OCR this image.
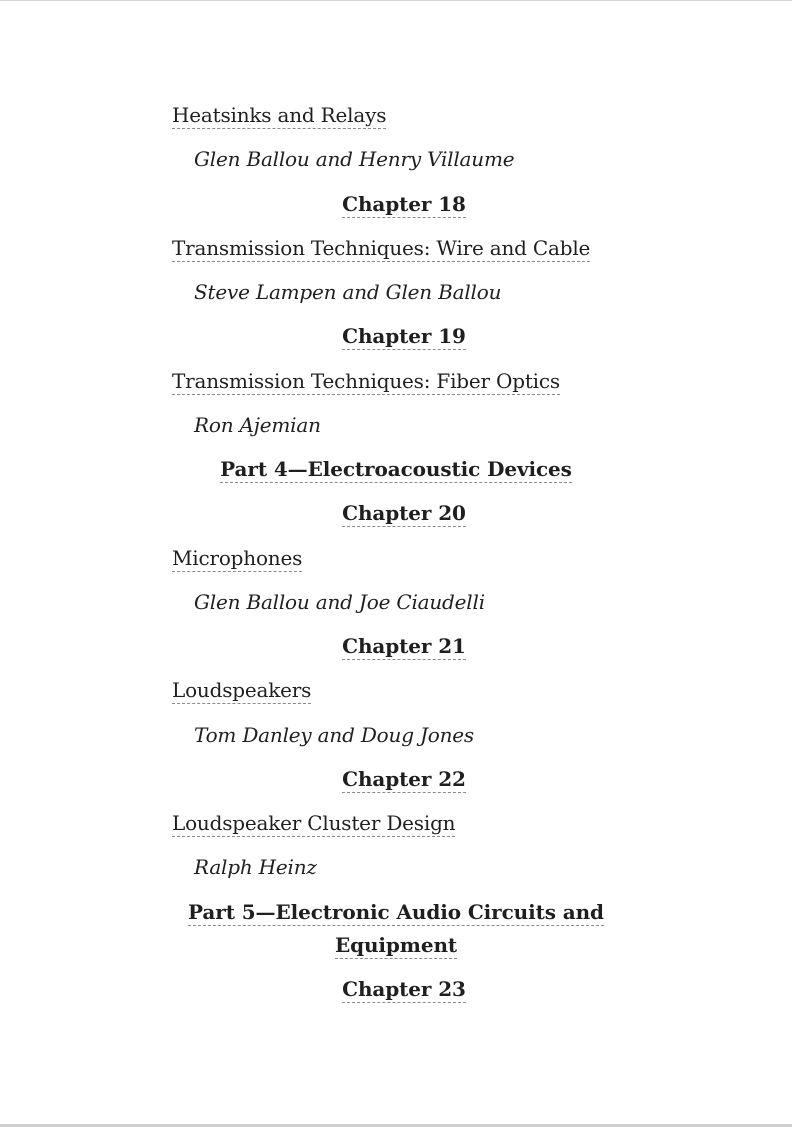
Heatsinks and Relays
Glen Ballou and Henry Villaume
Chapter 18
Transmission Techniques: Wire and Cable
Steve Lampen and Glen Ballou
Chapter 19
Transmission Techniques: Fiber Optics
Ron Ajemian
Part 4—Electroacoustic Devices
Chapter 20
Microphones
Glen Ballou and Joe Ciaudelli
Chapter 21
Loudspeakers
Tom Danley and Doug Jones
Chapter 22
Loudspeaker Cluster Design
Ralph Heinz
Part 5—Electronic Audio Circuits and
Equipment
Chapter 23
